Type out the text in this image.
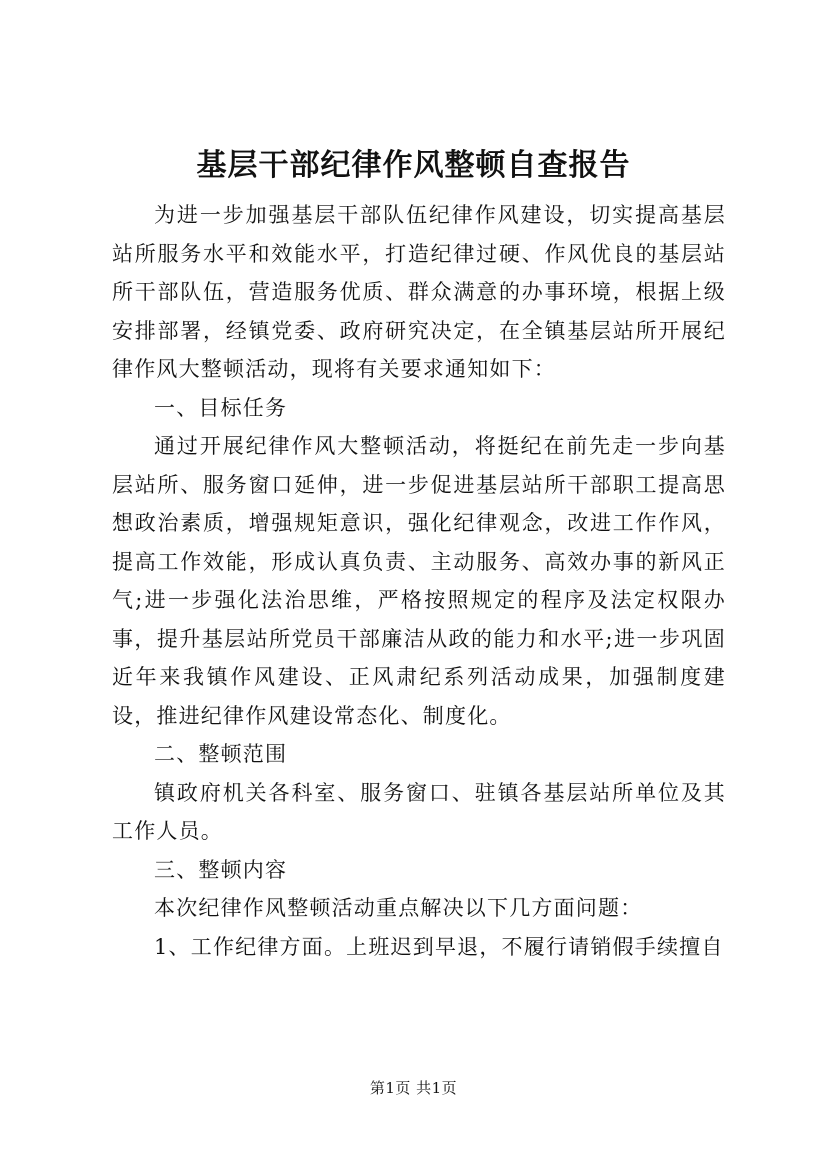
基层干部纪律作风整顿自查报告

为进一步加强基层干部队伍纪律作风建设，切实提高基层站所服务水平和效能水平，打造纪律过硬、作风优良的基层站所干部队伍，营造服务优质、群众满意的办事环境，根据上级安排部署，经镇党委、政府研究决定，在全镇基层站所开展纪律作风大整顿活动，现将有关要求通知如下：

一、目标任务

通过开展纪律作风大整顿活动，将挺纪在前先走一步向基层站所、服务窗口延伸，进一步促进基层站所干部职工提高思想政治素质，增强规矩意识，强化纪律观念，改进工作作风，提高工作效能，形成认真负责、主动服务、高效办事的新风正气;进一步强化法治思维，严格按照规定的程序及法定权限办事，提升基层站所党员干部廉洁从政的能力和水平;进一步巩固近年来我镇作风建设、正风肃纪系列活动成果，加强制度建设，推进纪律作风建设常态化、制度化。

二、整顿范围

镇政府机关各科室、服务窗口、驻镇各基层站所单位及其工作人员。

三、整顿内容

本次纪律作风整顿活动重点解决以下几方面问题：

1、工作纪律方面。上班迟到早退，不履行请销假手续擅自

第1页 共1页
